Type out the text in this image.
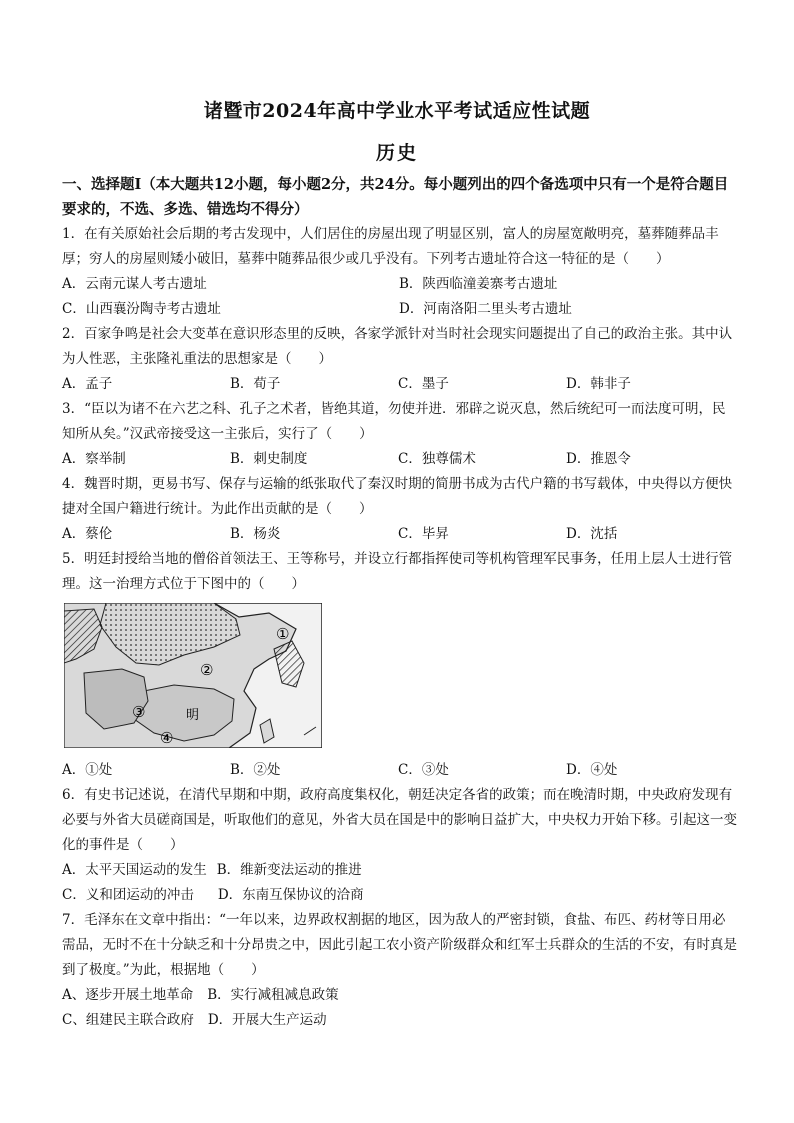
诸暨市2024年高中学业水平考试适应性试题
历史
一、选择题Ⅰ（本大题共12小题，每小题2分，共24分。每小题列出的四个备选项中只有一个是符合题目要求的，不选、多选、错选均不得分）

1．在有关原始社会后期的考古发现中，人们居住的房屋出现了明显区别，富人的房屋宽敞明亮，墓葬随葬品丰厚；穷人的房屋则矮小破旧，墓葬中随葬品很少或几乎没有。下列考古遗址符合这一特征的是（　　）

A．云南元谋人考古遗址	B．陕西临潼姜寨考古遗址
C．山西襄汾陶寺考古遗址	D．河南洛阳二里头考古遗址

2．百家争鸣是社会大变革在意识形态里的反映，各家学派针对当时社会现实问题提出了自己的政治主张。其中认为人性恶，主张隆礼重法的思想家是（　　）

A．孟子	B．荀子	C．墨子	D．韩非子

3．“臣以为诸不在六艺之科、孔子之术者，皆绝其道，勿使并进．邪辟之说灭息，然后统纪可一而法度可明，民知所从矣。”汉武帝接受这一主张后，实行了（　　）

A．察举制	B．刺史制度	C．独尊儒术	D．推恩令

4．魏晋时期，更易书写、保存与运输的纸张取代了秦汉时期的简册书成为古代户籍的书写载体，中央得以方便快捷对全国户籍进行统计。为此作出贡献的是（　　）

A．蔡伦	B．杨炎	C．毕昇	D．沈括

5．明廷封授给当地的僧俗首领法王、王等称号，并设立行都指挥使司等机构管理军民事务，任用上层人士进行管理。这一治理方式位于下图中的（　　）

①
②
③
④
明
A．①处	B．②处	C．③处	D．④处

6．有史书记述说，在清代早期和中期，政府高度集权化，朝廷决定各省的政策；而在晚清时期，中央政府发现有必要与外省大员磋商国是，听取他们的意见，外省大员在国是中的影响日益扩大，中央权力开始下移。引起这一变化的事件是（　　）

A．太平天国运动的发生 B．维新变法运动的推进
C．义和团运动的冲击 D．东南互保协议的洽商

7．毛泽东在文章中指出：“一年以来，边界政权割据的地区，因为敌人的严密封锁，食盐、布匹、药材等日用必需品，无时不在十分缺乏和十分昂贵之中，因此引起工农小资产阶级群众和红军士兵群众的生活的不安，有时真是到了极度。”为此，根据地（　　）

A、逐步开展土地革命 B．实行减租减息政策
C、组建民主联合政府 D．开展大生产运动
